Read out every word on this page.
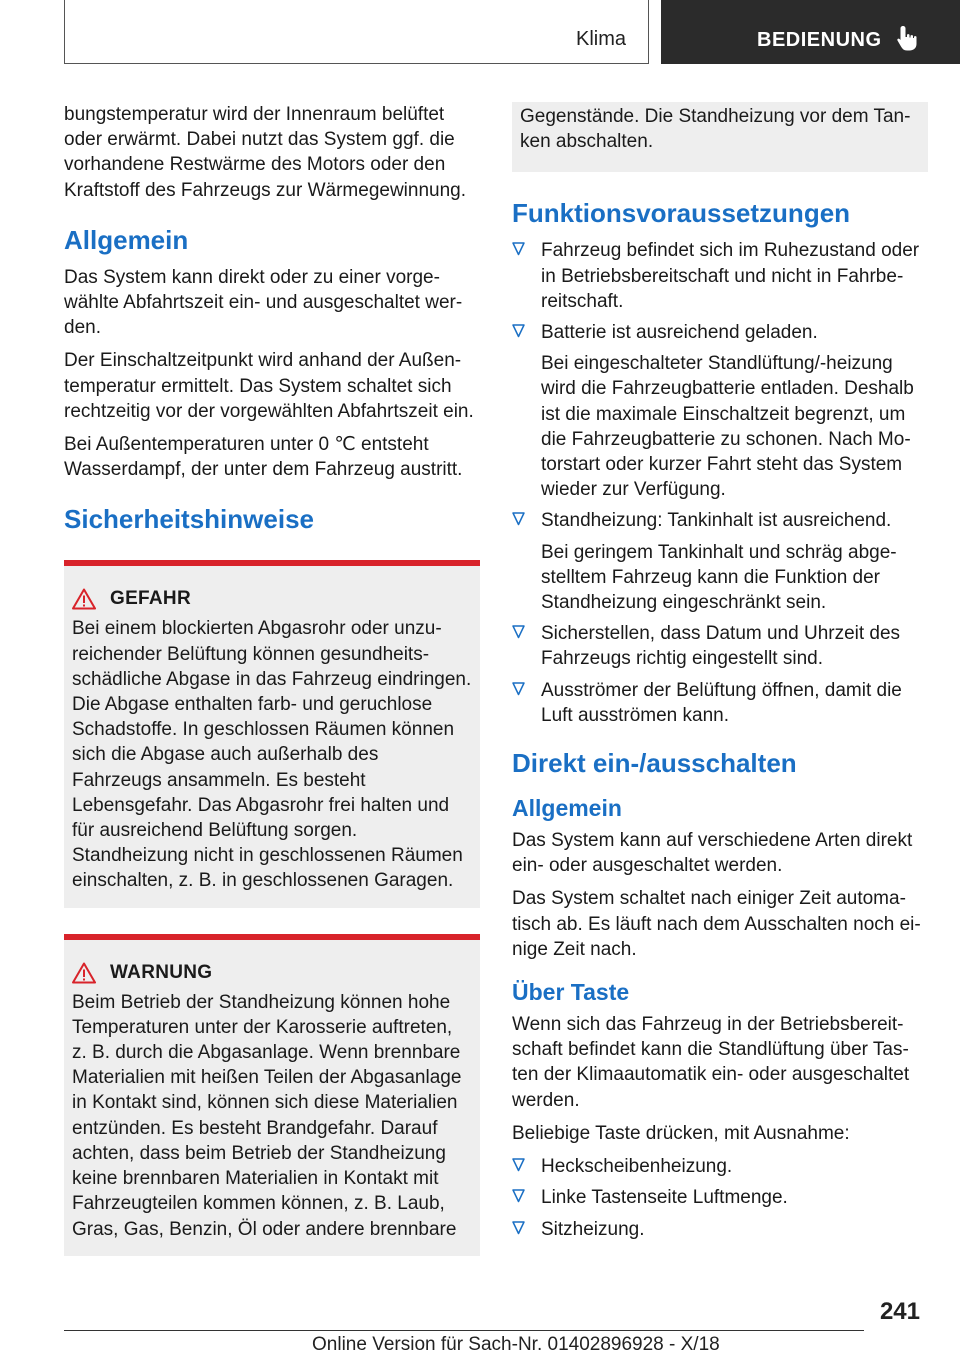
Klima	BEDIENUNG

bungstemperatur wird der Innenraum belüftet oder erwärmt. Dabei nutzt das System ggf. die vorhandene Restwärme des Motors oder den Kraftstoff des Fahrzeugs zur Wärmegewinnung.

Allgemein

Das System kann direkt oder zu einer vorgewählte Abfahrtszeit ein- und ausgeschaltet werden.

Der Einschaltzeitpunkt wird anhand der Außentemperatur ermittelt. Das System schaltet sich rechtzeitig vor der vorgewählten Abfahrtszeit ein.

Bei Außentemperaturen unter 0 ℃ entsteht Wasserdampf, der unter dem Fahrzeug austritt.

Sicherheitshinweise
GEFAHR

Bei einem blockierten Abgasrohr oder unzureichender Belüftung können gesundheitsschädliche Abgase in das Fahrzeug eindringen. Die Abgase enthalten farb- und geruchlose Schadstoffe. In geschlossen Räumen können sich die Abgase auch außerhalb des Fahrzeugs ansammeln. Es besteht Lebensgefahr. Das Abgasrohr frei halten und für ausreichend Belüftung sorgen. Standheizung nicht in geschlossenen Räumen einschalten, z. B. in geschlossenen Garagen.

WARNUNG

Beim Betrieb der Standheizung können hohe Temperaturen unter der Karosserie auftreten, z. B. durch die Abgasanlage. Wenn brennbare Materialien mit heißen Teilen der Abgasanlage in Kontakt sind, können sich diese Materialien entzünden. Es besteht Brandgefahr. Darauf achten, dass beim Betrieb der Standheizung keine brennbaren Materialien in Kontakt mit Fahrzeugteilen kommen können, z. B. Laub, Gras, Gas, Benzin, Öl oder andere brennbare

Gegenstände. Die Standheizung vor dem Tanken abschalten.

Funktionsvoraussetzungen

Fahrzeug befindet sich im Ruhezustand oder in Betriebsbereitschaft und nicht in Fahrbereitschaft.

Batterie ist ausreichend geladen.

Bei eingeschalteter Standlüftung/-heizung wird die Fahrzeugbatterie entladen. Deshalb ist die maximale Einschaltzeit begrenzt, um die Fahrzeugbatterie zu schonen. Nach Motorstart oder kurzer Fahrt steht das System wieder zur Verfügung.

Standheizung: Tankinhalt ist ausreichend.

Bei geringem Tankinhalt und schräg abgestelltem Fahrzeug kann die Funktion der Standheizung eingeschränkt sein.

Sicherstellen, dass Datum und Uhrzeit des Fahrzeugs richtig eingestellt sind.

Ausströmer der Belüftung öffnen, damit die Luft ausströmen kann.

Direkt ein-/ausschalten
Allgemein

Das System kann auf verschiedene Arten direkt ein- oder ausgeschaltet werden.

Das System schaltet nach einiger Zeit automatisch ab. Es läuft nach dem Ausschalten noch einige Zeit nach.

Über Taste

Wenn sich das Fahrzeug in der Betriebsbereitschaft befindet kann die Standlüftung über Tasten der Klimaautomatik ein- oder ausgeschaltet werden.

Beliebige Taste drücken, mit Ausnahme:

Heckscheibenheizung.

Linke Tastenseite Luftmenge.

Sitzheizung.

241
Online Version für Sach-Nr. 01402896928 - X/18
